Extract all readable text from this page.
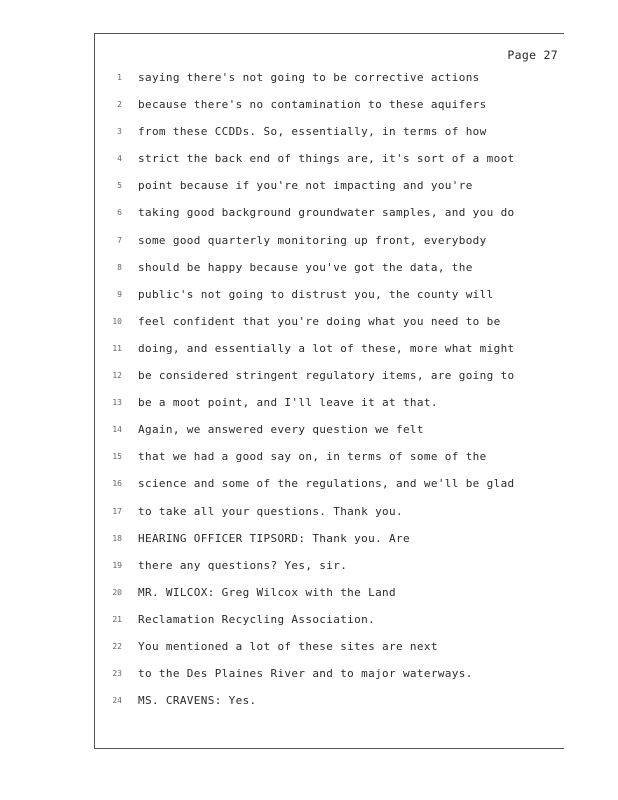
Page 27
1 saying there's not going to be corrective actions
2 because there's no contamination to these aquifers
3 from these CCDDs. So, essentially, in terms of how
4 strict the back end of things are, it's sort of a moot
5 point because if you're not impacting and you're
6 taking good background groundwater samples, and you do
7 some good quarterly monitoring up front, everybody
8 should be happy because you've got the data, the
9 public's not going to distrust you, the county will
10 feel confident that you're doing what you need to be
11 doing, and essentially a lot of these, more what might
12 be considered stringent regulatory items, are going to
13 be a moot point, and I'll leave it at that.
14 Again, we answered every question we felt
15 that we had a good say on, in terms of some of the
16 science and some of the regulations, and we'll be glad
17 to take all your questions. Thank you.
18 HEARING OFFICER TIPSORD: Thank you. Are
19 there any questions? Yes, sir.
20 MR. WILCOX: Greg Wilcox with the Land
21 Reclamation Recycling Association.
22 You mentioned a lot of these sites are next
23 to the Des Plaines River and to major waterways.
24 MS. CRAVENS: Yes.
